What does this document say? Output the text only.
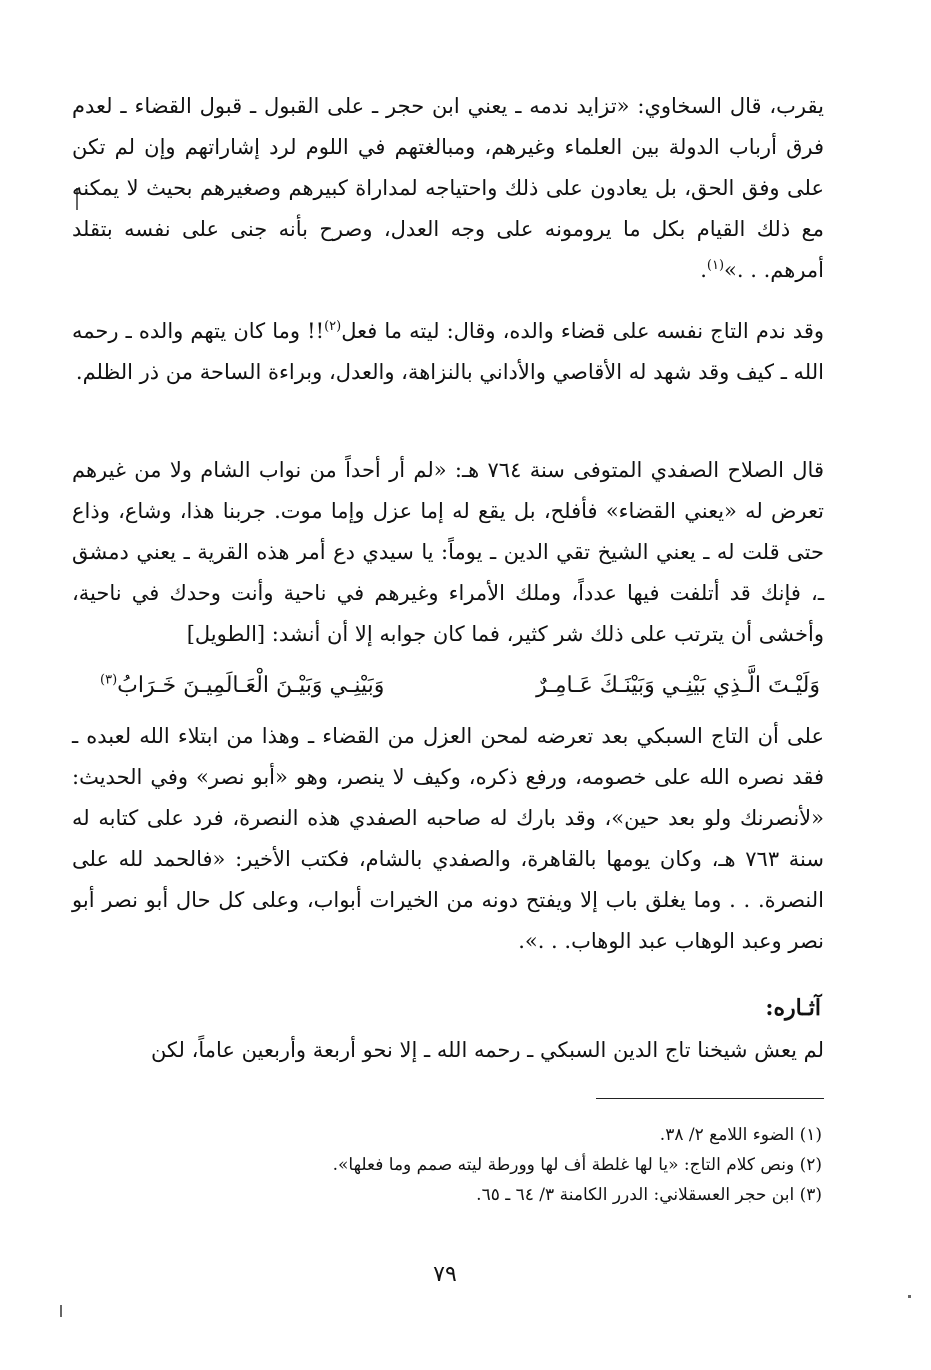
يقرب، قال السخاوي: «تزايد ندمه ـ يعني ابن حجر ـ على القبول ـ قبول القضاء ـ لعدم فرق أرباب الدولة بين العلماء وغيرهم، ومبالغتهم في اللوم لرد إشاراتهم وإن لم تكن على وفق الحق، بل يعادون على ذلك واحتياجه لمداراة كبيرهم وصغيرهم بحيث لا يمكنه مع ذلك القيام بكل ما يرومونه على وجه العدل، وصرح بأنه جنى على نفسه بتقلد أمرهم. . .»$^{(١)}$.

وقد ندم التاج نفسه على قضاء والده، وقال: ليته ما فعل$^{(٢)}$!! وما كان يتهم والده ـ رحمه الله ـ كيف وقد شهد له الأقاصي والأداني بالنزاهة، والعدل، وبراءة الساحة من ذر الظلم.

قال الصلاح الصفدي المتوفى سنة ٧٦٤ هـ: «لم أر أحداً من نواب الشام ولا من غيرهم تعرض له «يعني القضاء» فأفلح، بل يقع له إما عزل وإما موت. جربنا هذا، وشاع، وذاع حتى قلت له ـ يعني الشيخ تقي الدين ـ يوماً: يا سيدي دع أمر هذه القرية ـ يعني دمشق ـ، فإنك قد أتلفت فيها عدداً، وملك الأمراء وغيرهم في ناحية وأنت وحدك في ناحية، وأخشى أن يترتب على ذلك شر كثير، فما كان جوابه إلا أن أنشد: [الطويل]

وَلَيْـتَ الَّـذِي بَيْنِـي وَبَيْنَـكَ عَـامِـرٌ
وَبَيْنِـي وَبَيْـنَ الْعَـالَمِيـنَ خَـرَابُ$^{(٣)}$

على أن التاج السبكي بعد تعرضه لمحن العزل من القضاء ـ وهذا من ابتلاء الله لعبده ـ فقد نصره الله على خصومه، ورفع ذكره، وكيف لا ينصر، وهو «أبو نصر» وفي الحديث: «لأنصرنك ولو بعد حين»، وقد بارك له صاحبه الصفدي هذه النصرة، فرد على كتابه له سنة ٧٦٣ هـ، وكان يومها بالقاهرة، والصفدي بالشام، فكتب الأخير: «فالحمد لله على النصرة. . . وما يغلق باب إلا ويفتح دونه من الخيرات أبواب، وعلى كل حال أبو نصر أبو نصر وعبد الوهاب عبد الوهاب. . .».

آثـاره:

لم يعش شيخنا تاج الدين السبكي ـ رحمه الله ـ إلا نحو أربعة وأربعين عاماً، لكن

(١) الضوء اللامع ٢/ ٣٨.
(٢) ونص كلام التاج: «يا لها غلطة أف لها وورطة ليته صمم وما فعلها».
(٣) ابن حجر العسقلاني: الدرر الكامنة ٣/ ٦٤ ـ ٦٥.
٧٩
